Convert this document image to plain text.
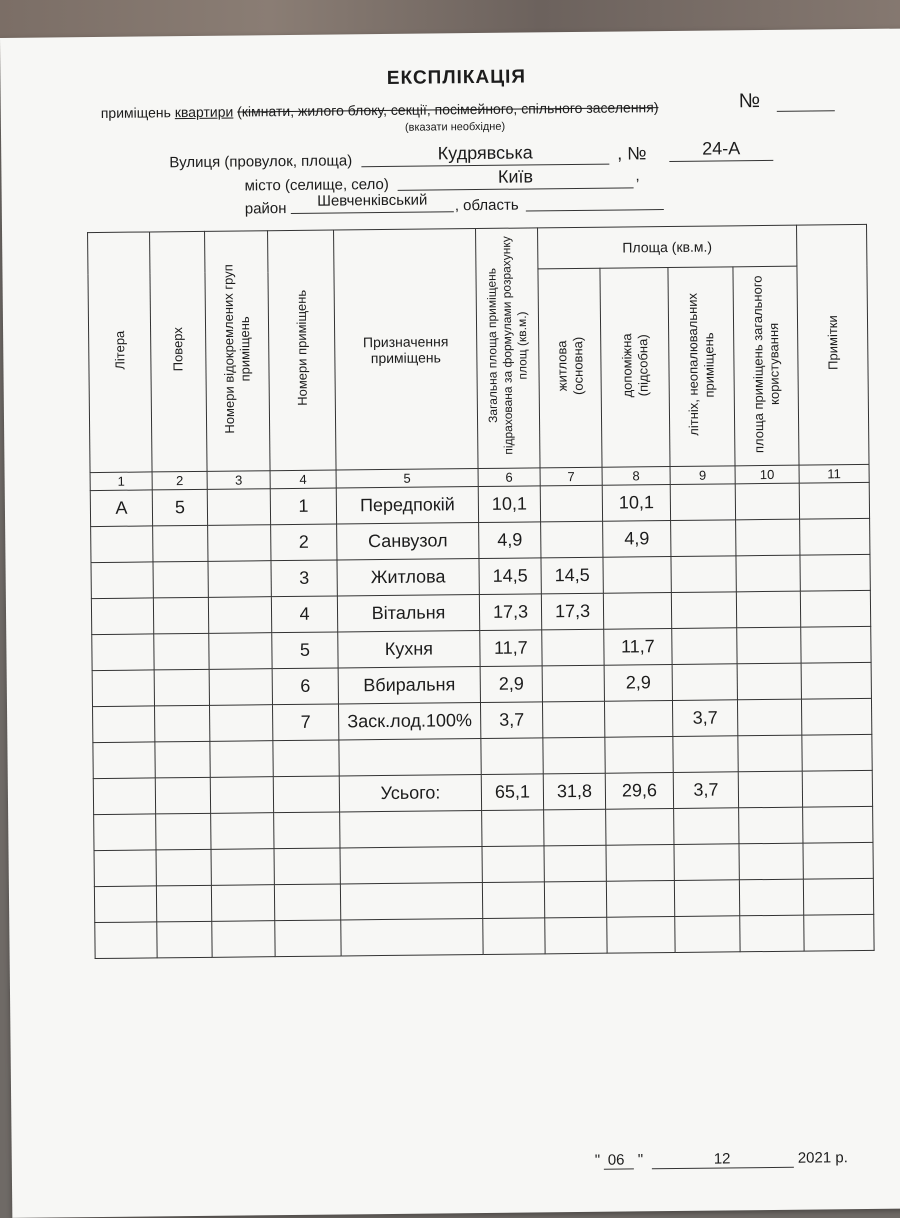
ЕКСПЛІКАЦІЯ
приміщень квартири (кімнати, жилого блоку, секції, посімейного, спільного заселення)	№
(вказати необхідне)
Вулиця (провулок, площа)	Кудрявська	, №	24-А
місто (селище, село)	Київ	,
район	Шевченківський	, область
Літера	Поверх	Номери відокремлених груп приміщень	Номери приміщень	Призначення приміщень	Загальна площа приміщень підрахована за формулами розрахунку площ (кв.м.)	Площа (кв.м.)				Примітки
						житлова (основна)	допоміжна (підсобна)	літніх, неопалювальних приміщень	площа приміщень загального користування	
1	2	3	4	5	6	7	8	9	10	11
А	5		1	Передпокій	10,1		10,1			
			2	Санвузол	4,9		4,9			
			3	Житлова	14,5	14,5				
			4	Вітальня	17,3	17,3				
			5	Кухня	11,7		11,7			
			6	Вбиральня	2,9		2,9			
			7	Заск.лод.100%	3,7			3,7		

				Усього:	65,1	31,8	29,6	3,7		

" 06 "	12	2021 р.
